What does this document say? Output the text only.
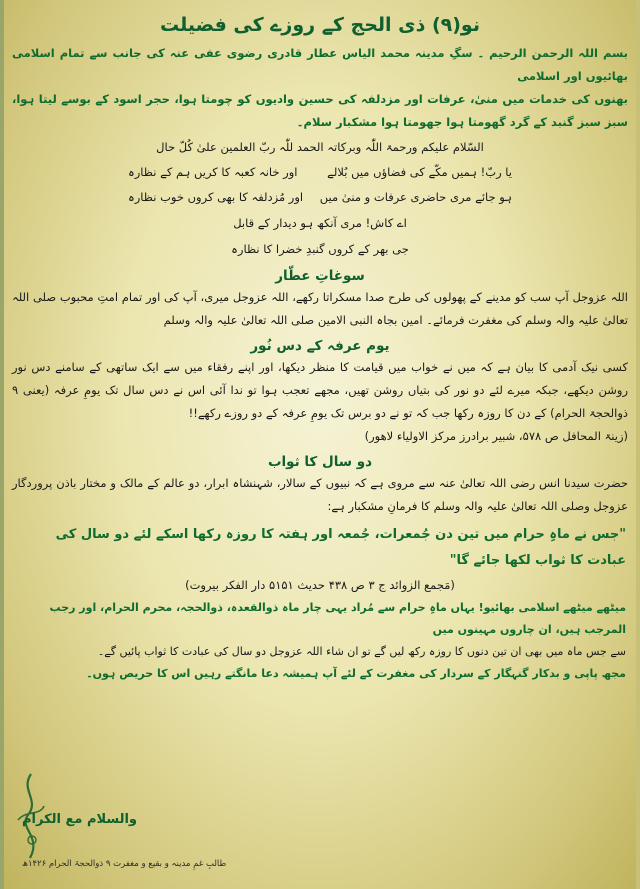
نو(۹) ذی الحج کے روزے کی فضیلت
بسم اللہ الرحمن الرحیم ۔ سگِ مدینہ محمد الیاس عطار قادری رضوی عفی عنہ کی جانب سے تمام اسلامی بھائیوں اور اسلامی
بھنوں کی خدمات میں منیٰ، عرفات اور مزدلفہ کی حسین وادیوں کو چومتا ہوا، حجر اسود کے بوسے لیتا ہوا، سبز سبز گنبد کے گرد گھومتا ہوا جھومتا ہوا مشکبار سلام۔
السّلام علیکم ورحمۃ اللّٰہ وبرکاتہ الحمد للّٰہ ربّ العلمین علیٰ کُلّ حال
یا ربّ! ہمیں مکّے کی فضاؤں میں بُلالے
اور خانہ کعبہ کا کریں ہم کے نظارہ
ہو جائے مری حاضری عرفات و منیٰ میں
اور مُزدلفہ کا بھی کروں خوب نظارہ
اے کاش! مری آنکھ ہو دیدار کے قابل
جی بھر کے کروں گنبدِ خضرا کا نظارہ
سوغاتِ عطّار
اللہ عزوجل آپ سب کو مدینے کے پھولوں کی طرح صدا مسکراتا رکھے، اللہ عزوجل میری، آپ کی اور تمام امتِ محبوب صلی اللہ تعالیٰ علیہ والہ وسلم کی مغفرت فرمائے۔ امین بجاہ النبی الامین صلی اللہ تعالیٰ علیہ والہ وسلم
یوم عرفہ کے دس نُور
کسی نیک آدمی کا بیان ہے کہ میں نے خواب میں قیامت کا منظر دیکھا، اور اپنے رفقاء میں سے ایک ساتھی کے سامنے دس نور روشن دیکھے، جبکہ میرے لئے دو نور کی بتیاں روشن تھیں، مجھے تعجب ہوا تو ندا آئی اس نے دس سال تک یومِ عرفہ (یعنی ۹ ذوالحجۃ الحرام) کے دن کا روزہ رکھا جب کہ تو نے دو برس تک یومِ عرفہ کے دو روزے رکھے!!
(زینۃ المحافل ص ۵۷۸، شبیر برادرز مرکز الاولیاء لاھور)
دو سال کا ثواب
حضرت سیدنا انس رضی اللہ تعالیٰ عنہ سے مروی ہے کہ نبیوں کے سالار، شہنشاہ ابرار، دو عالم کے مالک و مختار باذن پروردگار عزوجل وصلی اللہ تعالیٰ علیہ والہ وسلم کا فرمانِ مشکبار ہے:
"جس نے ماہِ حرام میں تین دن جُمعرات، جُمعہ اور ہفتہ کا روزہ رکھا اسکے لئے دو سال کی عبادت کا ثواب لکھا جائے گا"
(مَجمع الزوائد ج ۳ ص ۴۳۸ حدیث ۵۱۵۱ دار الفکر بیروت)
میٹھے میٹھے اسلامی بھائیو! یہاں ماہِ حرام سے مُراد یہی چار ماہ ذوالقعدہ، ذوالحجہ، محرم الحرام، اور رجب المرجب ہیں، ان چاروں مہینوں میں
سے جس ماہ میں بھی ان تین دنوں کا روزہ رکھ لیں گے تو ان شاء اللہ عزوجل دو سال کی عبادت کا ثواب پائیں گے۔
مجھ پاپی و بدکار گنہگار کے سردار کی مغفرت کے لئے آپ ہمیشہ دعا مانگتے رہیں اس کا حریص ہوں۔
والسلام مع الکرام
طالبِ غمِ مدینہ و بقیع و مغفرت ۹ ذوالحجۃ الحرام ۱۴۲۶ھ
